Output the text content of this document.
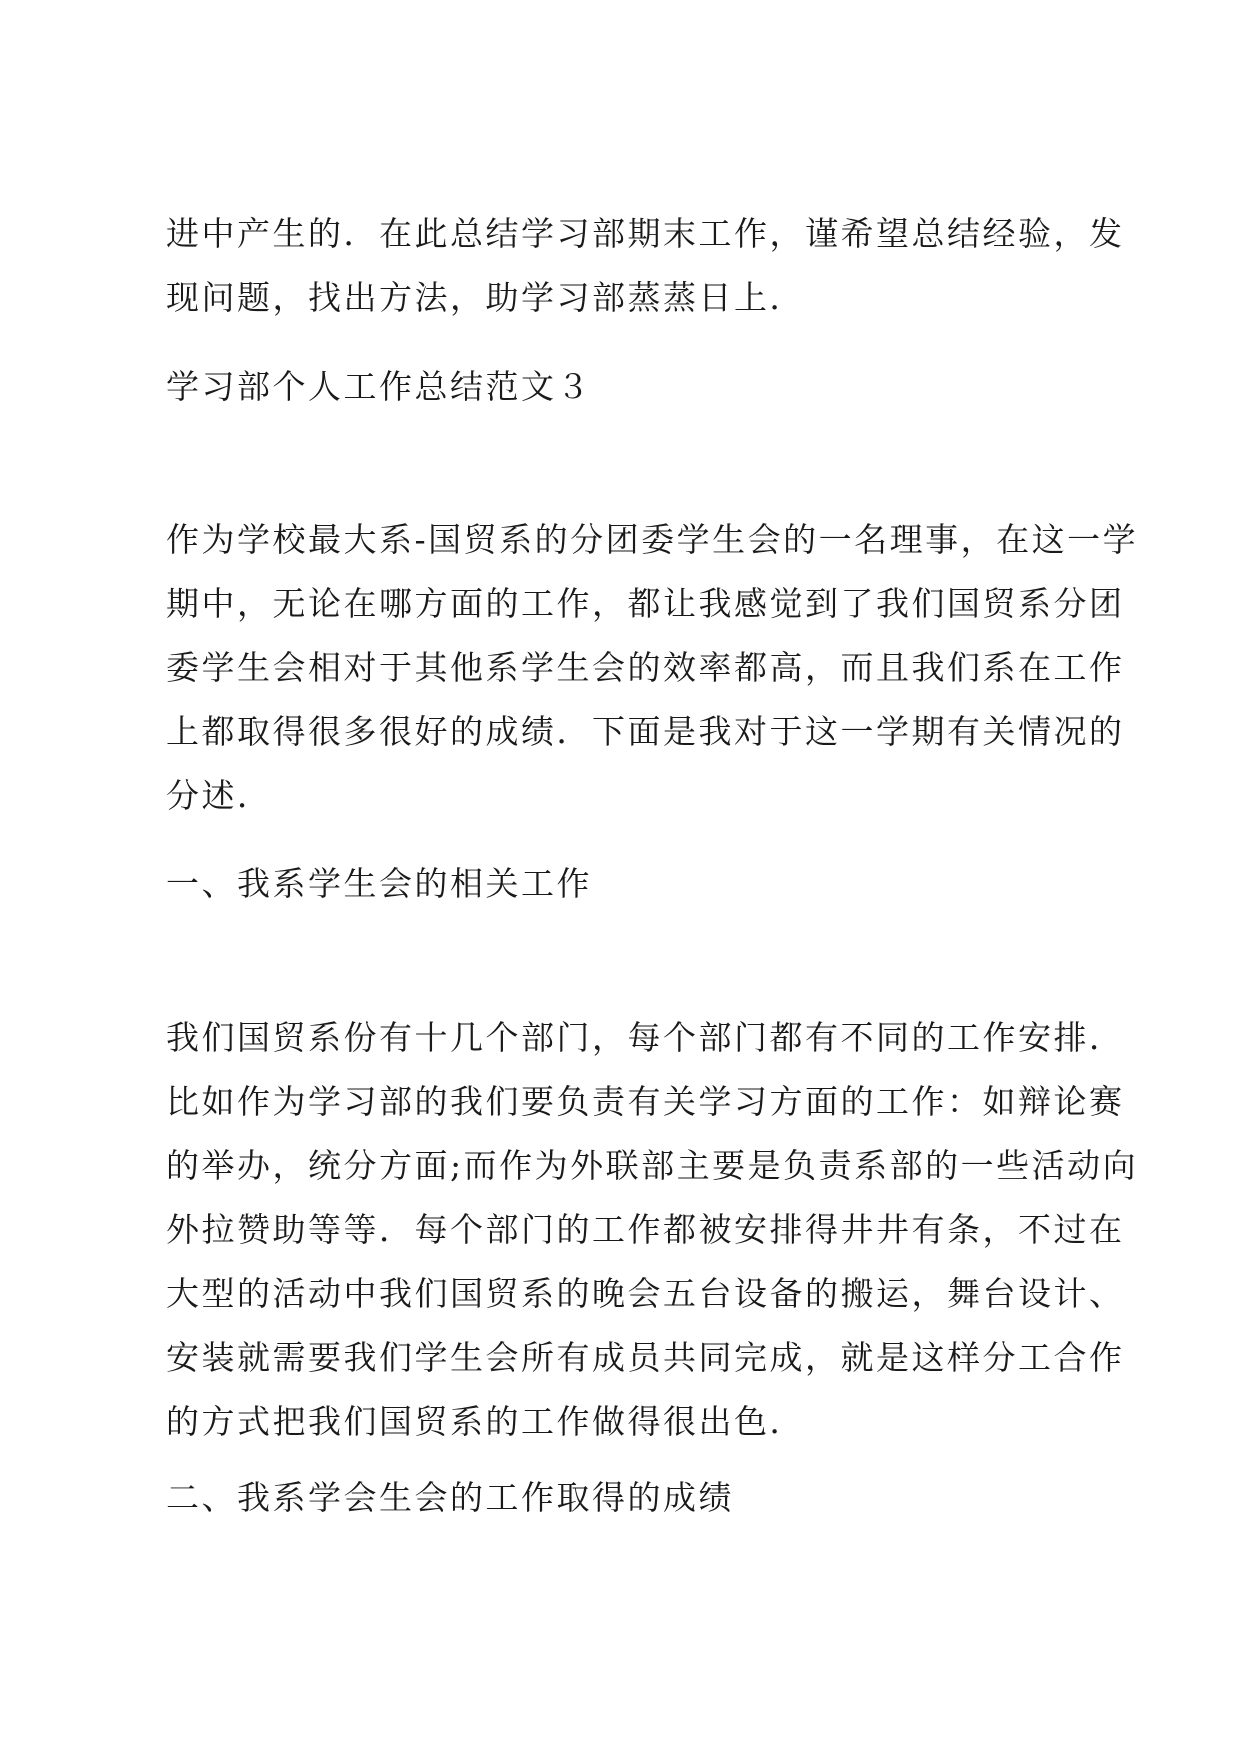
进中产生的．在此总结学习部期末工作，谨希望总结经验，发
现问题，找出方法，助学习部蒸蒸日上．
学习部个人工作总结范文３
作为学校最大系-国贸系的分团委学生会的一名理事，在这一学
期中，无论在哪方面的工作，都让我感觉到了我们国贸系分团
委学生会相对于其他系学生会的效率都高，而且我们系在工作
上都取得很多很好的成绩．下面是我对于这一学期有关情况的
分述．
一、我系学生会的相关工作
我们国贸系份有十几个部门，每个部门都有不同的工作安排．
比如作为学习部的我们要负责有关学习方面的工作：如辩论赛
的举办，统分方面;而作为外联部主要是负责系部的一些活动向
外拉赞助等等．每个部门的工作都被安排得井井有条，不过在
大型的活动中我们国贸系的晚会五台设备的搬运，舞台设计、
安装就需要我们学生会所有成员共同完成，就是这样分工合作
的方式把我们国贸系的工作做得很出色．
二、我系学会生会的工作取得的成绩
